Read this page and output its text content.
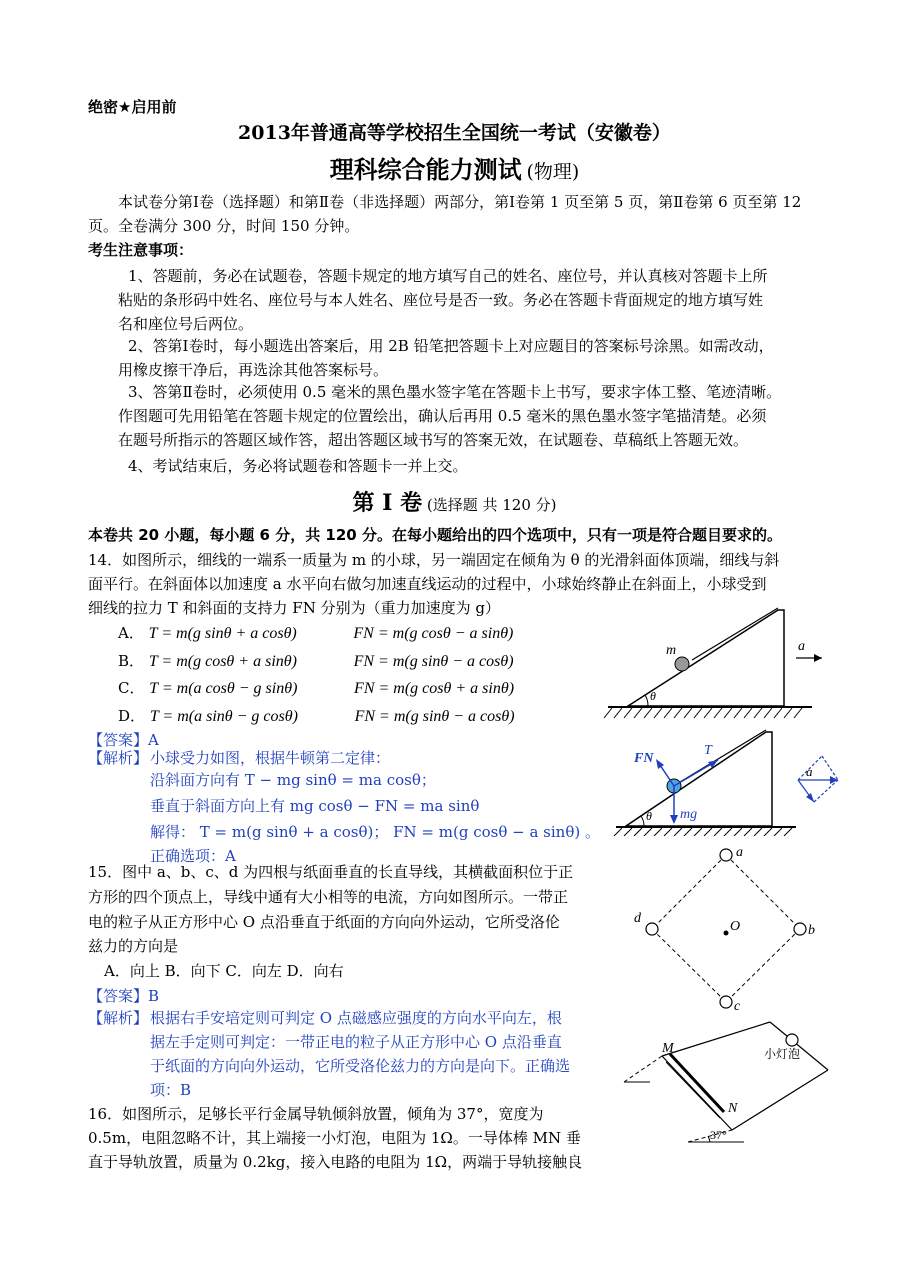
绝密★启用前
2013年普通高等学校招生全国统一考试（安徽卷）
理科综合能力测试 (物理)
本试卷分第Ⅰ卷（选择题）和第Ⅱ卷（非选择题）两部分，第Ⅰ卷第 1 页至第 5 页，第Ⅱ卷第 6 页至第 12
页。全卷满分 300 分，时间 150 分钟。
考生注意事项：
1、答题前，务必在试题卷，答题卡规定的地方填写自己的姓名、座位号，并认真核对答题卡上所
粘贴的条形码中姓名、座位号与本人姓名、座位号是否一致。务必在答题卡背面规定的地方填写姓
名和座位号后两位。
2、答第Ⅰ卷时，每小题选出答案后，用 2B 铅笔把答题卡上对应题目的答案标号涂黑。如需改动，
用橡皮擦干净后，再选涂其他答案标号。
3、答第Ⅱ卷时，必须使用 0.5 毫米的黑色墨水签字笔在答题卡上书写，要求字体工整、笔迹清晰。
作图题可先用铅笔在答题卡规定的位置绘出，确认后再用 0.5 毫米的黑色墨水签字笔描清楚。必须
在题号所指示的答题区域作答，超出答题区域书写的答案无效，在试题卷、草稿纸上答题无效。
4、考试结束后，务必将试题卷和答题卡一并上交。
第 Ⅰ 卷 (选择题 共 120 分)
本卷共 20 小题，每小题 6 分，共 120 分。在每小题给出的四个选项中，只有一项是符合题目要求的。
14．如图所示，细线的一端系一质量为 m 的小球，另一端固定在倾角为 θ 的光滑斜面体顶端，细线与斜
面平行。在斜面体以加速度 a 水平向右做匀加速直线运动的过程中，小球始终静止在斜面上，小球受到
细线的拉力 T 和斜面的支持力 FN 分别为（重力加速度为 g）
A． T = m(g sinθ + a cosθ)	FN = m(g cosθ − a sinθ)
B． T = m(g cosθ + a sinθ)	FN = m(g sinθ − a cosθ)
C． T = m(a cosθ − g sinθ)	FN = m(g cosθ + a sinθ)
D． T = m(a sinθ − g cosθ)	FN = m(g sinθ − a cosθ)
【答案】A
【解析】 小球受力如图，根据牛顿第二定律：
沿斜面方向有 T − mg sinθ = ma cosθ；
垂直于斜面方向上有 mg cosθ − FN = ma sinθ
解得： T = m(g sinθ + a cosθ)； FN = m(g cosθ − a sinθ) 。
正确选项：A
m	a
θ
FN
T
mg
θ
a
15．图中 a、b、c、d 为四根与纸面垂直的长直导线，其横截面积位于正
方形的四个顶点上，导线中通有大小相等的电流，方向如图所示。一带正
电的粒子从正方形中心 O 点沿垂直于纸面的方向向外运动，它所受洛伦
兹力的方向是
A．向上 B．向下 C．向左 D．向右
【答案】B
【解析】 根据右手安培定则可判定 O 点磁感应强度的方向水平向左，根
据左手定则可判定：一带正电的粒子从正方形中心 O 点沿垂直
于纸面的方向向外运动，它所受洛伦兹力的方向是向下。正确选
项：B
a
b
c
d
O
16．如图所示，足够长平行金属导轨倾斜放置，倾角为 37°，宽度为
0.5m，电阻忽略不计，其上端接一小灯泡，电阻为 1Ω。一导体棒 MN 垂
直于导轨放置，质量为 0.2kg，接入电路的电阻为 1Ω，两端于导轨接触良
M
N
小灯泡
37°
